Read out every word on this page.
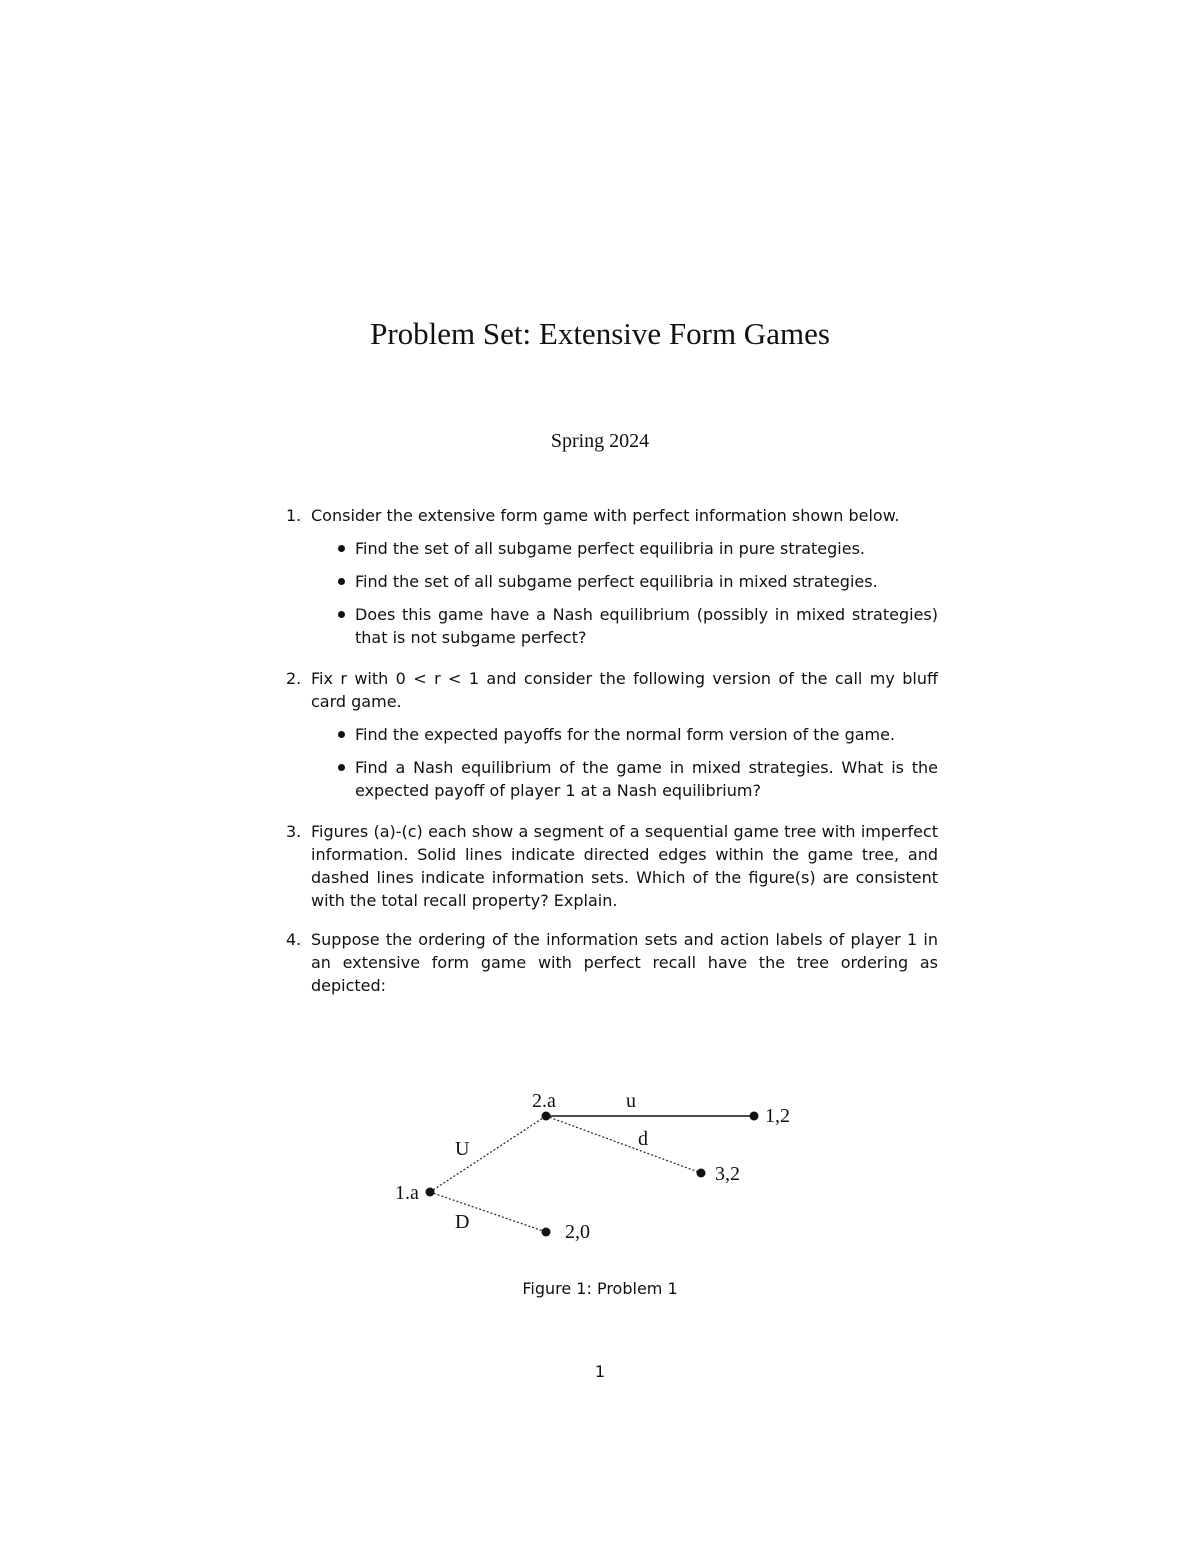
Problem Set: Extensive Form Games
Spring 2024
1. Consider the extensive form game with perfect information shown below.
Find the set of all subgame perfect equilibria in pure strategies.
Find the set of all subgame perfect equilibria in mixed strategies.
Does this game have a Nash equilibrium (possibly in mixed strategies) that is not subgame perfect?
2. Fix r with 0 < r < 1 and consider the following version of the call my bluff card game.
Find the expected payoffs for the normal form version of the game.
Find a Nash equilibrium of the game in mixed strategies. What is the expected payoff of player 1 at a Nash equilibrium?
3. Figures (a)-(c) each show a segment of a sequential game tree with imperfect information. Solid lines indicate directed edges within the game tree, and dashed lines indicate information sets. Which of the figure(s) are consistent with the total recall property? Explain.
4. Suppose the ordering of the information sets and action labels of player 1 in an extensive form game with perfect recall have the tree ordering as depicted:
1.a
2.a
1,2
3,2
2,0
U
D
u
d
Figure 1: Problem 1
1
